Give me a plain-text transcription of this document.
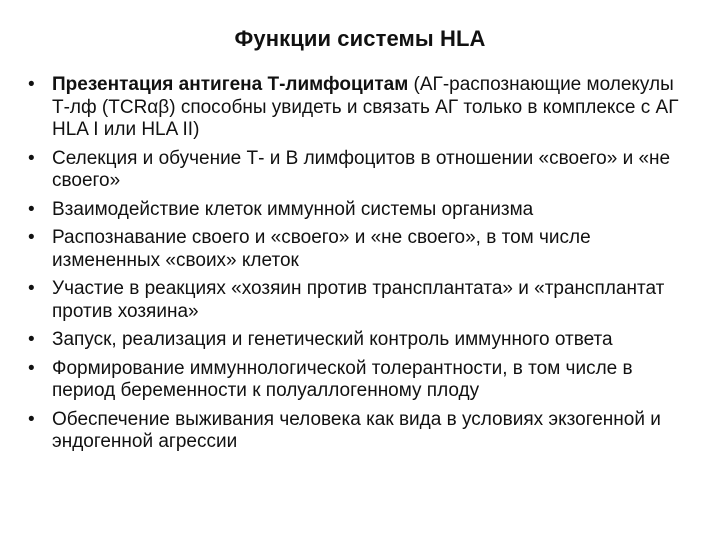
Функции системы HLA
• Презентация антигена Т-лимфоцитам (АГ-распознающие молекулы Т-лф (TCRαβ) способны увидеть и связать АГ только в комплексе с АГ HLA I или HLA II)
• Селекция и обучение Т- и В лимфоцитов в отношении «своего» и «не своего»
• Взаимодействие клеток иммунной системы организма
• Распознавание своего и «своего» и «не своего», в том числе измененных «своих» клеток
• Участие в реакциях «хозяин против трансплантата» и «трансплантат против хозяина»
• Запуск, реализация и генетический контроль иммунного ответа
• Формирование иммуннологической толерантности, в том числе в период беременности к полуаллогенному плоду
• Обеспечение выживания человека как вида в условиях экзогенной и эндогенной агрессии
